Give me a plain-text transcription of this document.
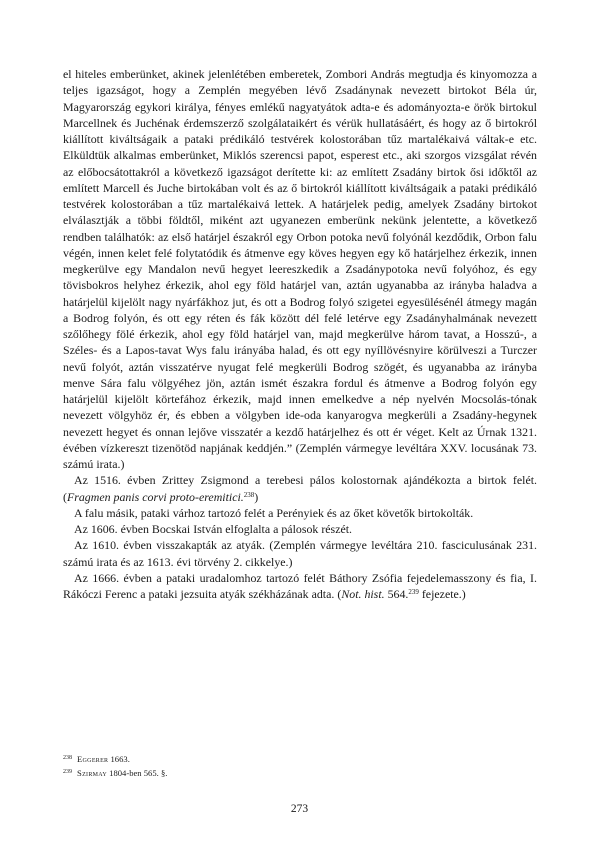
el hiteles emberünket, akinek jelenlétében emberetek, Zombori András megtudja és kinyomozza a teljes igazságot, hogy a Zemplén megyében lévő Zsadánynak nevezett birtokot Béla úr, Magyarország egykori királya, fényes emlékű nagyatyátok adta-e és adományozta-e örök birtokul Marcellnek és Juchénak érdemszerző szolgálataikért és vérük hullatásáért, és hogy az ő birtokról kiállított kiváltságaik a pataki prédikáló testvérek kolostorában tűz martalékaivá váltak-e etc. Elküldtük alkalmas emberünket, Miklós szerencsi papot, esperest etc., aki szorgos vizsgálat révén az előbocsátottakról a következő igazságot derítette ki: az említett Zsadány birtok ősi időktől az említett Marcell és Juche birtokában volt és az ő birtokról kiállított kiváltságaik a pataki prédikáló testvérek kolostorában a tűz martalékaivá lettek. A határjelek pedig, amelyek Zsadány birtokot elválasztják a többi földtől, miként azt ugyanezen emberünk nekünk jelentette, a következő rendben találhatók: az első határjel északról egy Orbon potoka nevű folyónál kezdődik, Orbon falu végén, innen kelet felé folytatódik és átmenve egy köves hegyen egy kő határjelhez érkezik, innen megkerülve egy Mandalon nevű hegyet leereszkedik a Zsadánypotoka nevű folyóhoz, és egy tövisbokros helyhez érkezik, ahol egy föld határjel van, aztán ugyanabba az irányba haladva a határjelül kijelölt nagy nyárfákhoz jut, és ott a Bodrog folyó szigetei egyesülésénél átmegy magán a Bodrog folyón, és ott egy réten és fák között dél felé letérve egy Zsadányhalmának nevezett szőlőhegy fölé érkezik, ahol egy föld határjel van, majd megkerülve három tavat, a Hosszú-, a Széles- és a Lapos-tavat Wys falu irányába halad, és ott egy nyíllövésnyire körülveszi a Turczer nevű folyót, aztán visszatérve nyugat felé megkerüli Bodrog szögét, és ugyanabba az irányba menve Sára falu völgyéhez jön, aztán ismét északra fordul és átmenve a Bodrog folyón egy határjelül kijelölt körtefához érkezik, majd innen emelkedve a nép nyelvén Mocsolás-tónak nevezett völgyhöz ér, és ebben a völgyben ide-oda kanyarogva megkerüli a Zsadány-hegynek nevezett hegyet és onnan lejőve visszatér a kezdő határjelhez és ott ér véget. Kelt az Úrnak 1321. évében vízkereszt tizenötöd napjának keddjén.” (Zemplén vármegye levéltára XXV. locusának 73. számú irata.)

Az 1516. évben Zrittey Zsigmond a terebesi pálos kolostornak ajándékozta a birtok felét. (Fragmen panis corvi proto-eremitici.$^{238}$)

A falu másik, pataki várhoz tartozó felét a Perényiek és az őket követők birtokolták.

Az 1606. évben Bocskai István elfoglalta a pálosok részét.

Az 1610. évben visszakapták az atyák. (Zemplén vármegye levéltára 210. fasciculusának 231. számú irata és az 1613. évi törvény 2. cikkelye.)

Az 1666. évben a pataki uradalomhoz tartozó felét Báthory Zsófia fejedelemasszony és fia, I. Rákóczi Ferenc a pataki jezsuita atyák székházának adta. (Not. hist. 564.$^{239}$ fejezete.)

$^{238}$ Eggerer 1663.
$^{239}$ Szirmay 1804-ben 565. §.
273
